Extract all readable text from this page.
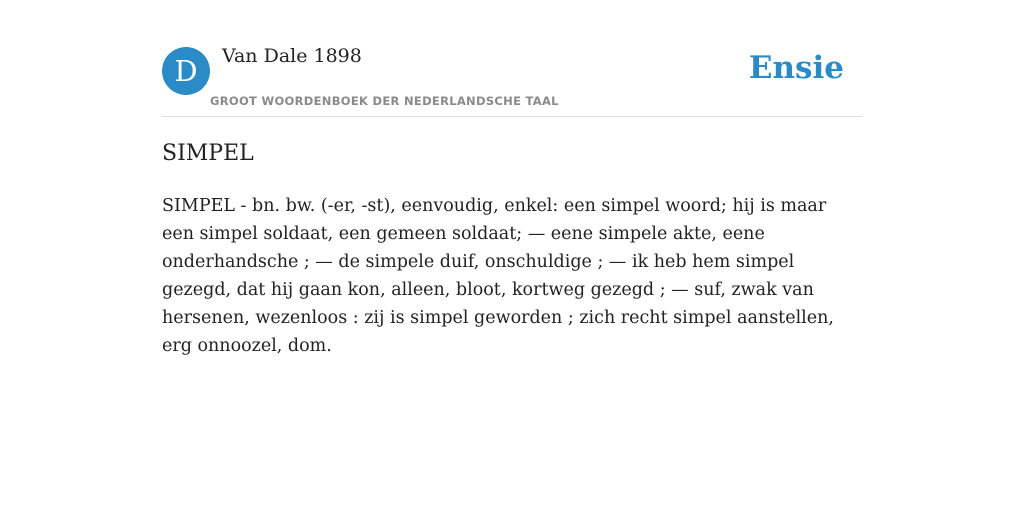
D	Van Dale 1898
GROOT WOORDENBOEK DER NEDERLANDSCHE TAAL
Ensie
SIMPEL

SIMPEL - bn. bw. (-er, -st), eenvoudig, enkel: een simpel woord; hij is maar een simpel soldaat, een gemeen soldaat; — eene simpele akte, eene onderhandsche ; — de simpele duif, onschuldige ; — ik heb hem simpel gezegd, dat hij gaan kon, alleen, bloot, kortweg gezegd ; — suf, zwak van hersenen, wezenloos : zij is simpel geworden ; zich recht simpel aanstellen, erg onnoozel, dom.
